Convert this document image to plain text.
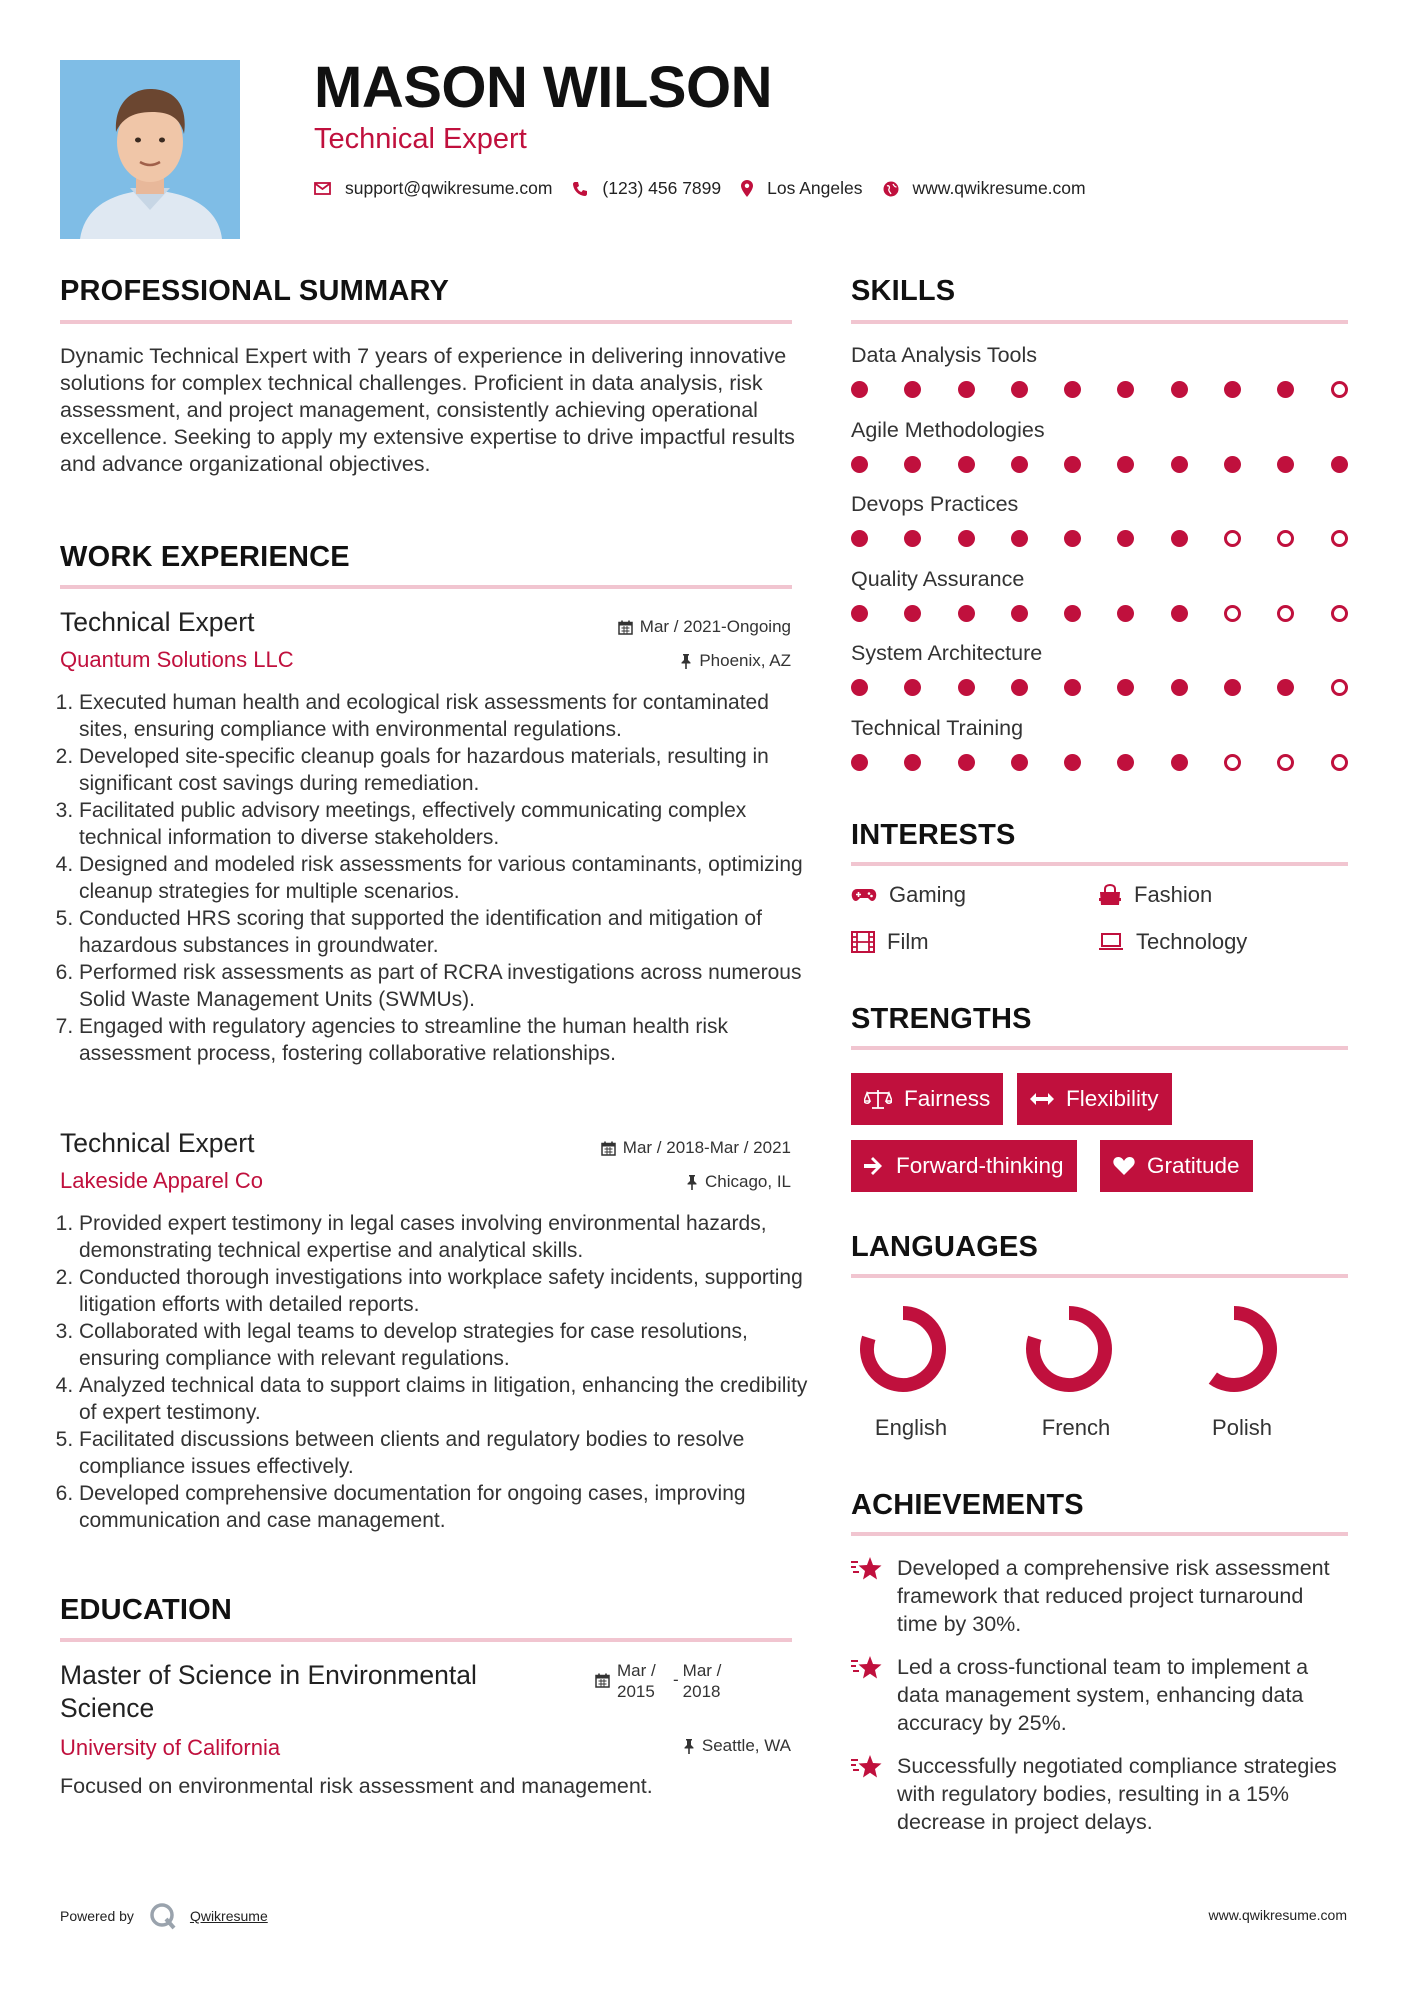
MASON WILSON
Technical Expert
support@qwikresume.com	(123) 456 7899	Los Angeles	www.qwikresume.com
PROFESSIONAL SUMMARY

Dynamic Technical Expert with 7 years of experience in delivering innovative solutions for complex technical challenges. Proficient in data analysis, risk assessment, and project management, consistently achieving operational excellence. Seeking to apply my extensive expertise to drive impactful results and advance organizational objectives.

WORK EXPERIENCE
Technical Expert	Mar / 2021-Ongoing
Quantum Solutions LLC	Phoenix, AZ
1. Executed human health and ecological risk assessments for contaminated sites, ensuring compliance with environmental regulations.
2. Developed site-specific cleanup goals for hazardous materials, resulting in significant cost savings during remediation.
3. Facilitated public advisory meetings, effectively communicating complex technical information to diverse stakeholders.
4. Designed and modeled risk assessments for various contaminants, optimizing cleanup strategies for multiple scenarios.
5. Conducted HRS scoring that supported the identification and mitigation of hazardous substances in groundwater.
6. Performed risk assessments as part of RCRA investigations across numerous Solid Waste Management Units (SWMUs).
7. Engaged with regulatory agencies to streamline the human health risk assessment process, fostering collaborative relationships.
Technical Expert	Mar / 2018-Mar / 2021
Lakeside Apparel Co	Chicago, IL
1. Provided expert testimony in legal cases involving environmental hazards, demonstrating technical expertise and analytical skills.
2. Conducted thorough investigations into workplace safety incidents, supporting litigation efforts with detailed reports.
3. Collaborated with legal teams to develop strategies for case resolutions, ensuring compliance with relevant regulations.
4. Analyzed technical data to support claims in litigation, enhancing the credibility of expert testimony.
5. Facilitated discussions between clients and regulatory bodies to resolve compliance issues effectively.
6. Developed comprehensive documentation for ongoing cases, improving communication and case management.
EDUCATION
Master of Science in Environmental Science
Mar / 2015
- Mar / 2018
University of California	Seattle, WA
Focused on environmental risk assessment and management.
SKILLS
Data Analysis Tools
Agile Methodologies
Devops Practices
Quality Assurance
System Architecture
Technical Training
INTERESTS
Gaming	Fashion
Film	Technology
STRENGTHS
Fairness	Flexibility
Forward-thinking	Gratitude
LANGUAGES
English	French	Polish
ACHIEVEMENTS
Developed a comprehensive risk assessment framework that reduced project turnaround time by 30%.
Led a cross-functional team to implement a data management system, enhancing data accuracy by 25%.
Successfully negotiated compliance strategies with regulatory bodies, resulting in a 15% decrease in project delays.
Powered by	Qwikresume	www.qwikresume.com
